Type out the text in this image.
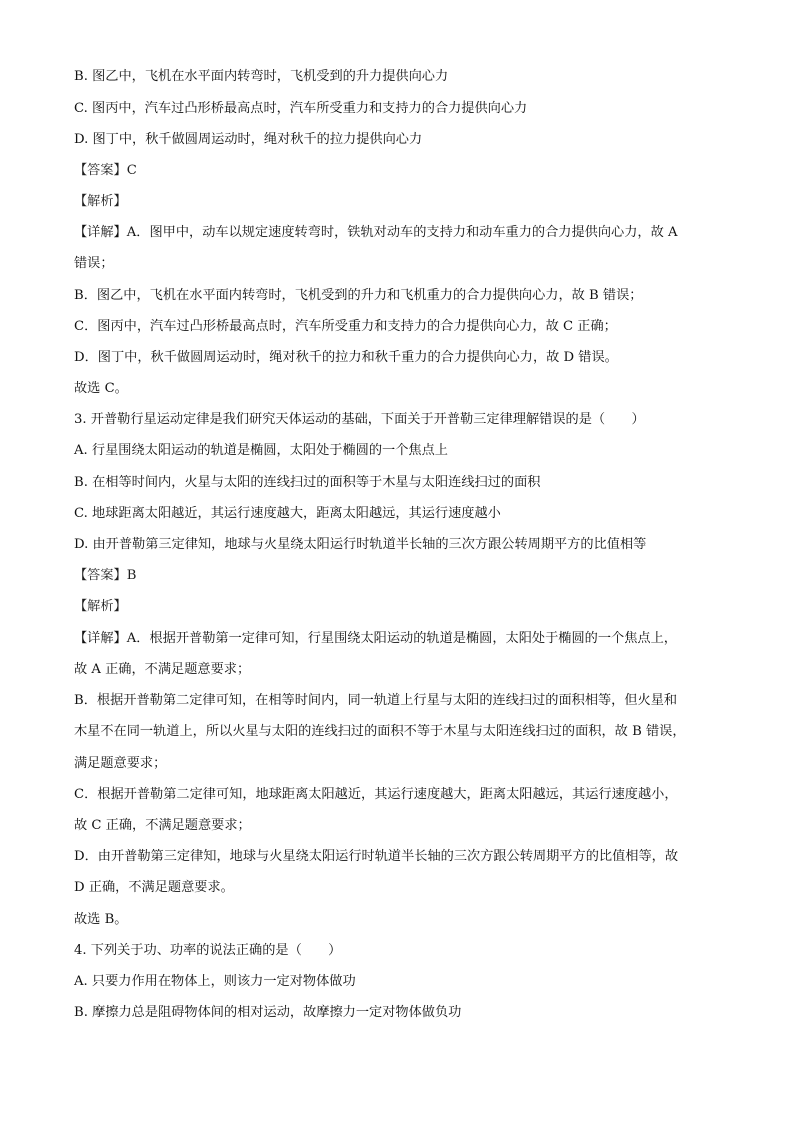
B. 图乙中，飞机在水平面内转弯时，飞机受到的升力提供向心力
C. 图丙中，汽车过凸形桥最高点时，汽车所受重力和支持力的合力提供向心力
D. 图丁中，秋千做圆周运动时，绳对秋千的拉力提供向心力
【答案】C
【解析】
【详解】A．图甲中，动车以规定速度转弯时，铁轨对动车的支持力和动车重力的合力提供向心力，故 A
错误；
B．图乙中，飞机在水平面内转弯时，飞机受到的升力和飞机重力的合力提供向心力，故 B 错误；
C．图丙中，汽车过凸形桥最高点时，汽车所受重力和支持力的合力提供向心力，故 C 正确；
D．图丁中，秋千做圆周运动时，绳对秋千的拉力和秋千重力的合力提供向心力，故 D 错误。
故选 C。
3. 开普勒行星运动定律是我们研究天体运动的基础，下面关于开普勒三定律理解错误的是（　　）
A. 行星围绕太阳运动的轨道是椭圆，太阳处于椭圆的一个焦点上
B. 在相等时间内，火星与太阳的连线扫过的面积等于木星与太阳连线扫过的面积
C. 地球距离太阳越近，其运行速度越大，距离太阳越远，其运行速度越小
D. 由开普勒第三定律知，地球与火星绕太阳运行时轨道半长轴的三次方跟公转周期平方的比值相等
【答案】B
【解析】
【详解】A．根据开普勒第一定律可知，行星围绕太阳运动的轨道是椭圆，太阳处于椭圆的一个焦点上，
故 A 正确，不满足题意要求；
B．根据开普勒第二定律可知，在相等时间内，同一轨道上行星与太阳的连线扫过的面积相等，但火星和
木星不在同一轨道上，所以火星与太阳的连线扫过的面积不等于木星与太阳连线扫过的面积，故 B 错误，
满足题意要求；
C．根据开普勒第二定律可知，地球距离太阳越近，其运行速度越大，距离太阳越远，其运行速度越小，
故 C 正确，不满足题意要求；
D．由开普勒第三定律知，地球与火星绕太阳运行时轨道半长轴的三次方跟公转周期平方的比值相等，故
D 正确，不满足题意要求。
故选 B。
4. 下列关于功、功率的说法正确的是（　　）
A. 只要力作用在物体上，则该力一定对物体做功
B. 摩擦力总是阻碍物体间的相对运动，故摩擦力一定对物体做负功
